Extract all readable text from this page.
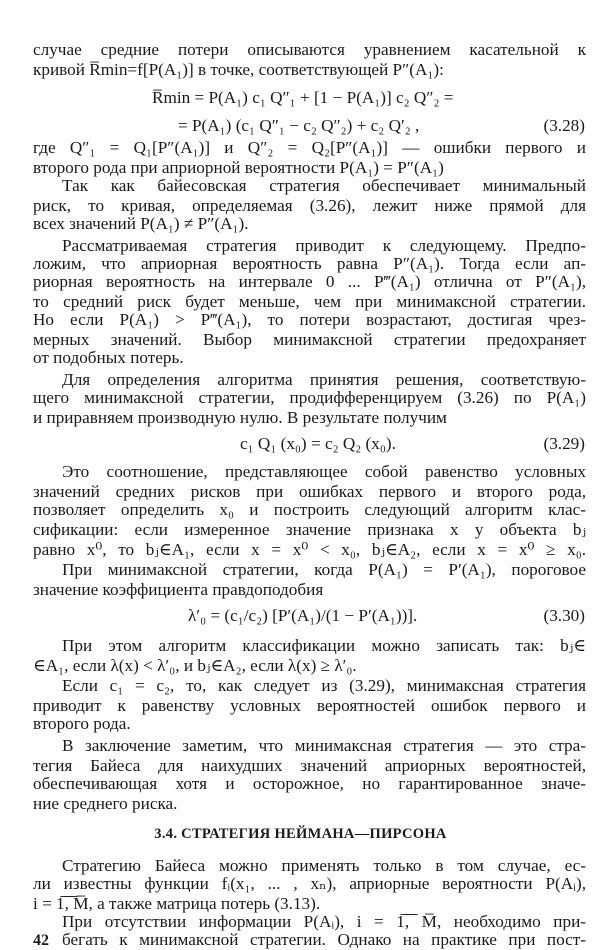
случае средние потери описываются уравнением касательной к
кривой R̅min=f[P(A₁)] в точке, соответствующей P″(A₁):
R̅min = P(A₁) c₁ Q″₁ + [1 − P(A₁)] c₂ Q″₂ =
= P(A₁) (c₁ Q″₁ − c₂ Q″₂) + c₂ Q′₂ ,	(3.28)
где Q″₁ = Q₁[P″(A₁)] и Q″₂ = Q₂[P″(A₁)] — ошибки первого и
второго рода при априорной вероятности P(A₁) = P″(A₁)
Так как байесовская стратегия обеспечивает минимальный
риск, то кривая, определяемая (3.26), лежит ниже прямой для
всех значений P(A₁) ≠ P″(A₁).
Рассматриваемая стратегия приводит к следующему. Предпо-
ложим, что априорная вероятность равна P″(A₁). Тогда если ап-
риорная вероятность на интервале 0 ... P‴(A₁) отлична от P″(A₁),
то средний риск будет меньше, чем при минимаксной стратегии.
Но если P(A₁) > P‴(A₁), то потери возрастают, достигая чрез-
мерных значений. Выбор минимаксной стратегии предохраняет
от подобных потерь.
Для определения алгоритма принятия решения, соответствую-
щего минимаксной стратегии, продифференцируем (3.26) по P(A₁)
и приравняем производную нулю. В результате получим
c₁ Q₁ (x₀) = c₂ Q₂ (x₀).	(3.29)
Это соотношение, представляющее собой равенство условных
значений средних рисков при ошибках первого и второго рода,
позволяет определить x₀ и построить следующий алгоритм клас-
сификации: если измеренное значение признака x у объекта bⱼ
равно x⁰, то bⱼ∈A₁, если x = x⁰ < x₀, bⱼ∈A₂, если x = x⁰ ≥ x₀.
При минимаксной стратегии, когда P(A₁) = P′(A₁), пороговое
значение коэффициента правдоподобия
λ′₀ = (c₁/c₂) [P′(A₁)/(1 − P′(A₁))].	(3.30)
При этом алгоритм классификации можно записать так: bⱼ∈
∈A₁, если λ(x) < λ′₀, и bⱼ∈A₂, если λ(x) ≥ λ′₀.
Если c₁ = c₂, то, как следует из (3.29), минимаксная стратегия
приводит к равенству условных вероятностей ошибок первого и
второго рода.
В заключение заметим, что минимаксная стратегия — это стра-
тегия Байеса для наихудших значений априорных вероятностей,
обеспечивающая хотя и осторожное, но гарантированное значе-
ние среднего риска.
3.4. СТРАТЕГИЯ НЕЙМАНА—ПИРСОНА
Стратегию Байеса можно применять только в том случае, ес-
ли известны функции fᵢ(x₁, ... , xₙ), априорные вероятности P(Aᵢ),
i = 1̅,̅ ̅M̅, а также матрица потерь (3.13).
При отсутствии информации P(Aᵢ), i = 1̅,̅ ̅M̅, необходимо при-
бегать к минимаксной стратегии. Однако на практике при пост-
42
